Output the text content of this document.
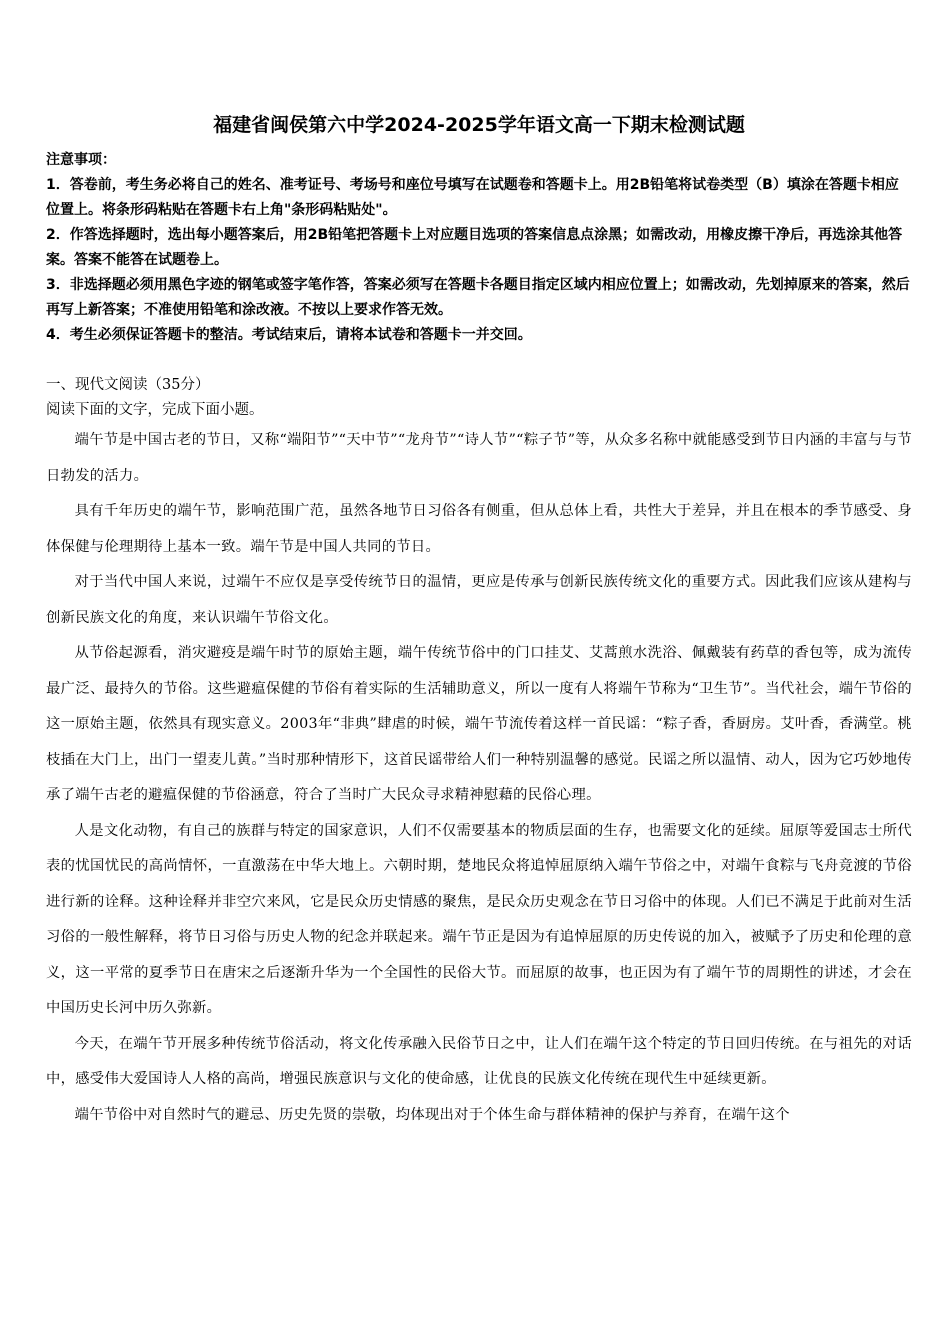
福建省闽侯第六中学2024-2025学年语文高一下期末检测试题

注意事项：

1．答卷前，考生务必将自己的姓名、准考证号、考场号和座位号填写在试题卷和答题卡上。用2B铅笔将试卷类型（B）填涂在答题卡相应位置上。将条形码粘贴在答题卡右上角"条形码粘贴处"。

2．作答选择题时，选出每小题答案后，用2B铅笔把答题卡上对应题目选项的答案信息点涂黑；如需改动，用橡皮擦干净后，再选涂其他答案。答案不能答在试题卷上。

3．非选择题必须用黑色字迹的钢笔或签字笔作答，答案必须写在答题卡各题目指定区域内相应位置上；如需改动，先划掉原来的答案，然后再写上新答案；不准使用铅笔和涂改液。不按以上要求作答无效。

4．考生必须保证答题卡的整洁。考试结束后，请将本试卷和答题卡一并交回。

一、现代文阅读（35分）
阅读下面的文字，完成下面小题。

端午节是中国古老的节日，又称“端阳节”“天中节”“龙舟节”“诗人节”“粽子节”等，从众多名称中就能感受到节日内涵的丰富与与节日勃发的活力。

具有千年历史的端午节，影响范围广范，虽然各地节日习俗各有侧重，但从总体上看，共性大于差异，并且在根本的季节感受、身体保健与伦理期待上基本一致。端午节是中国人共同的节日。

对于当代中国人来说，过端午不应仅是享受传统节日的温情，更应是传承与创新民族传统文化的重要方式。因此我们应该从建构与创新民族文化的角度，来认识端午节俗文化。

从节俗起源看，消灾避疫是端午时节的原始主题，端午传统节俗中的门口挂艾、艾蒿煎水洗浴、佩戴装有药草的香包等，成为流传最广泛、最持久的节俗。这些避瘟保健的节俗有着实际的生活辅助意义，所以一度有人将端午节称为“卫生节”。当代社会，端午节俗的这一原始主题，依然具有现实意义。2003年“非典”肆虐的时候，端午节流传着这样一首民谣：“粽子香，香厨房。艾叶香，香满堂。桃枝插在大门上，出门一望麦儿黄。”当时那种情形下，这首民谣带给人们一种特别温馨的感觉。民谣之所以温情、动人，因为它巧妙地传承了端午古老的避瘟保健的节俗涵意，符合了当时广大民众寻求精神慰藉的民俗心理。

人是文化动物，有自己的族群与特定的国家意识，人们不仅需要基本的物质层面的生存，也需要文化的延续。屈原等爱国志士所代表的忧国忧民的高尚情怀，一直激荡在中华大地上。六朝时期，楚地民众将追悼屈原纳入端午节俗之中，对端午食粽与飞舟竞渡的节俗进行新的诠释。这种诠释并非空穴来风，它是民众历史情感的聚焦，是民众历史观念在节日习俗中的体现。人们已不满足于此前对生活习俗的一般性解释，将节日习俗与历史人物的纪念并联起来。端午节正是因为有追悼屈原的历史传说的加入，被赋予了历史和伦理的意义，这一平常的夏季节日在唐宋之后逐渐升华为一个全国性的民俗大节。而屈原的故事，也正因为有了端午节的周期性的讲述，才会在中国历史长河中历久弥新。

今天，在端午节开展多种传统节俗活动，将文化传承融入民俗节日之中，让人们在端午这个特定的节日回归传统。在与祖先的对话中，感受伟大爱国诗人人格的高尚，增强民族意识与文化的使命感，让优良的民族文化传统在现代生中延续更新。

端午节俗中对自然时气的避忌、历史先贤的崇敬，均体现出对于个体生命与群体精神的保护与养育，在端午这个
